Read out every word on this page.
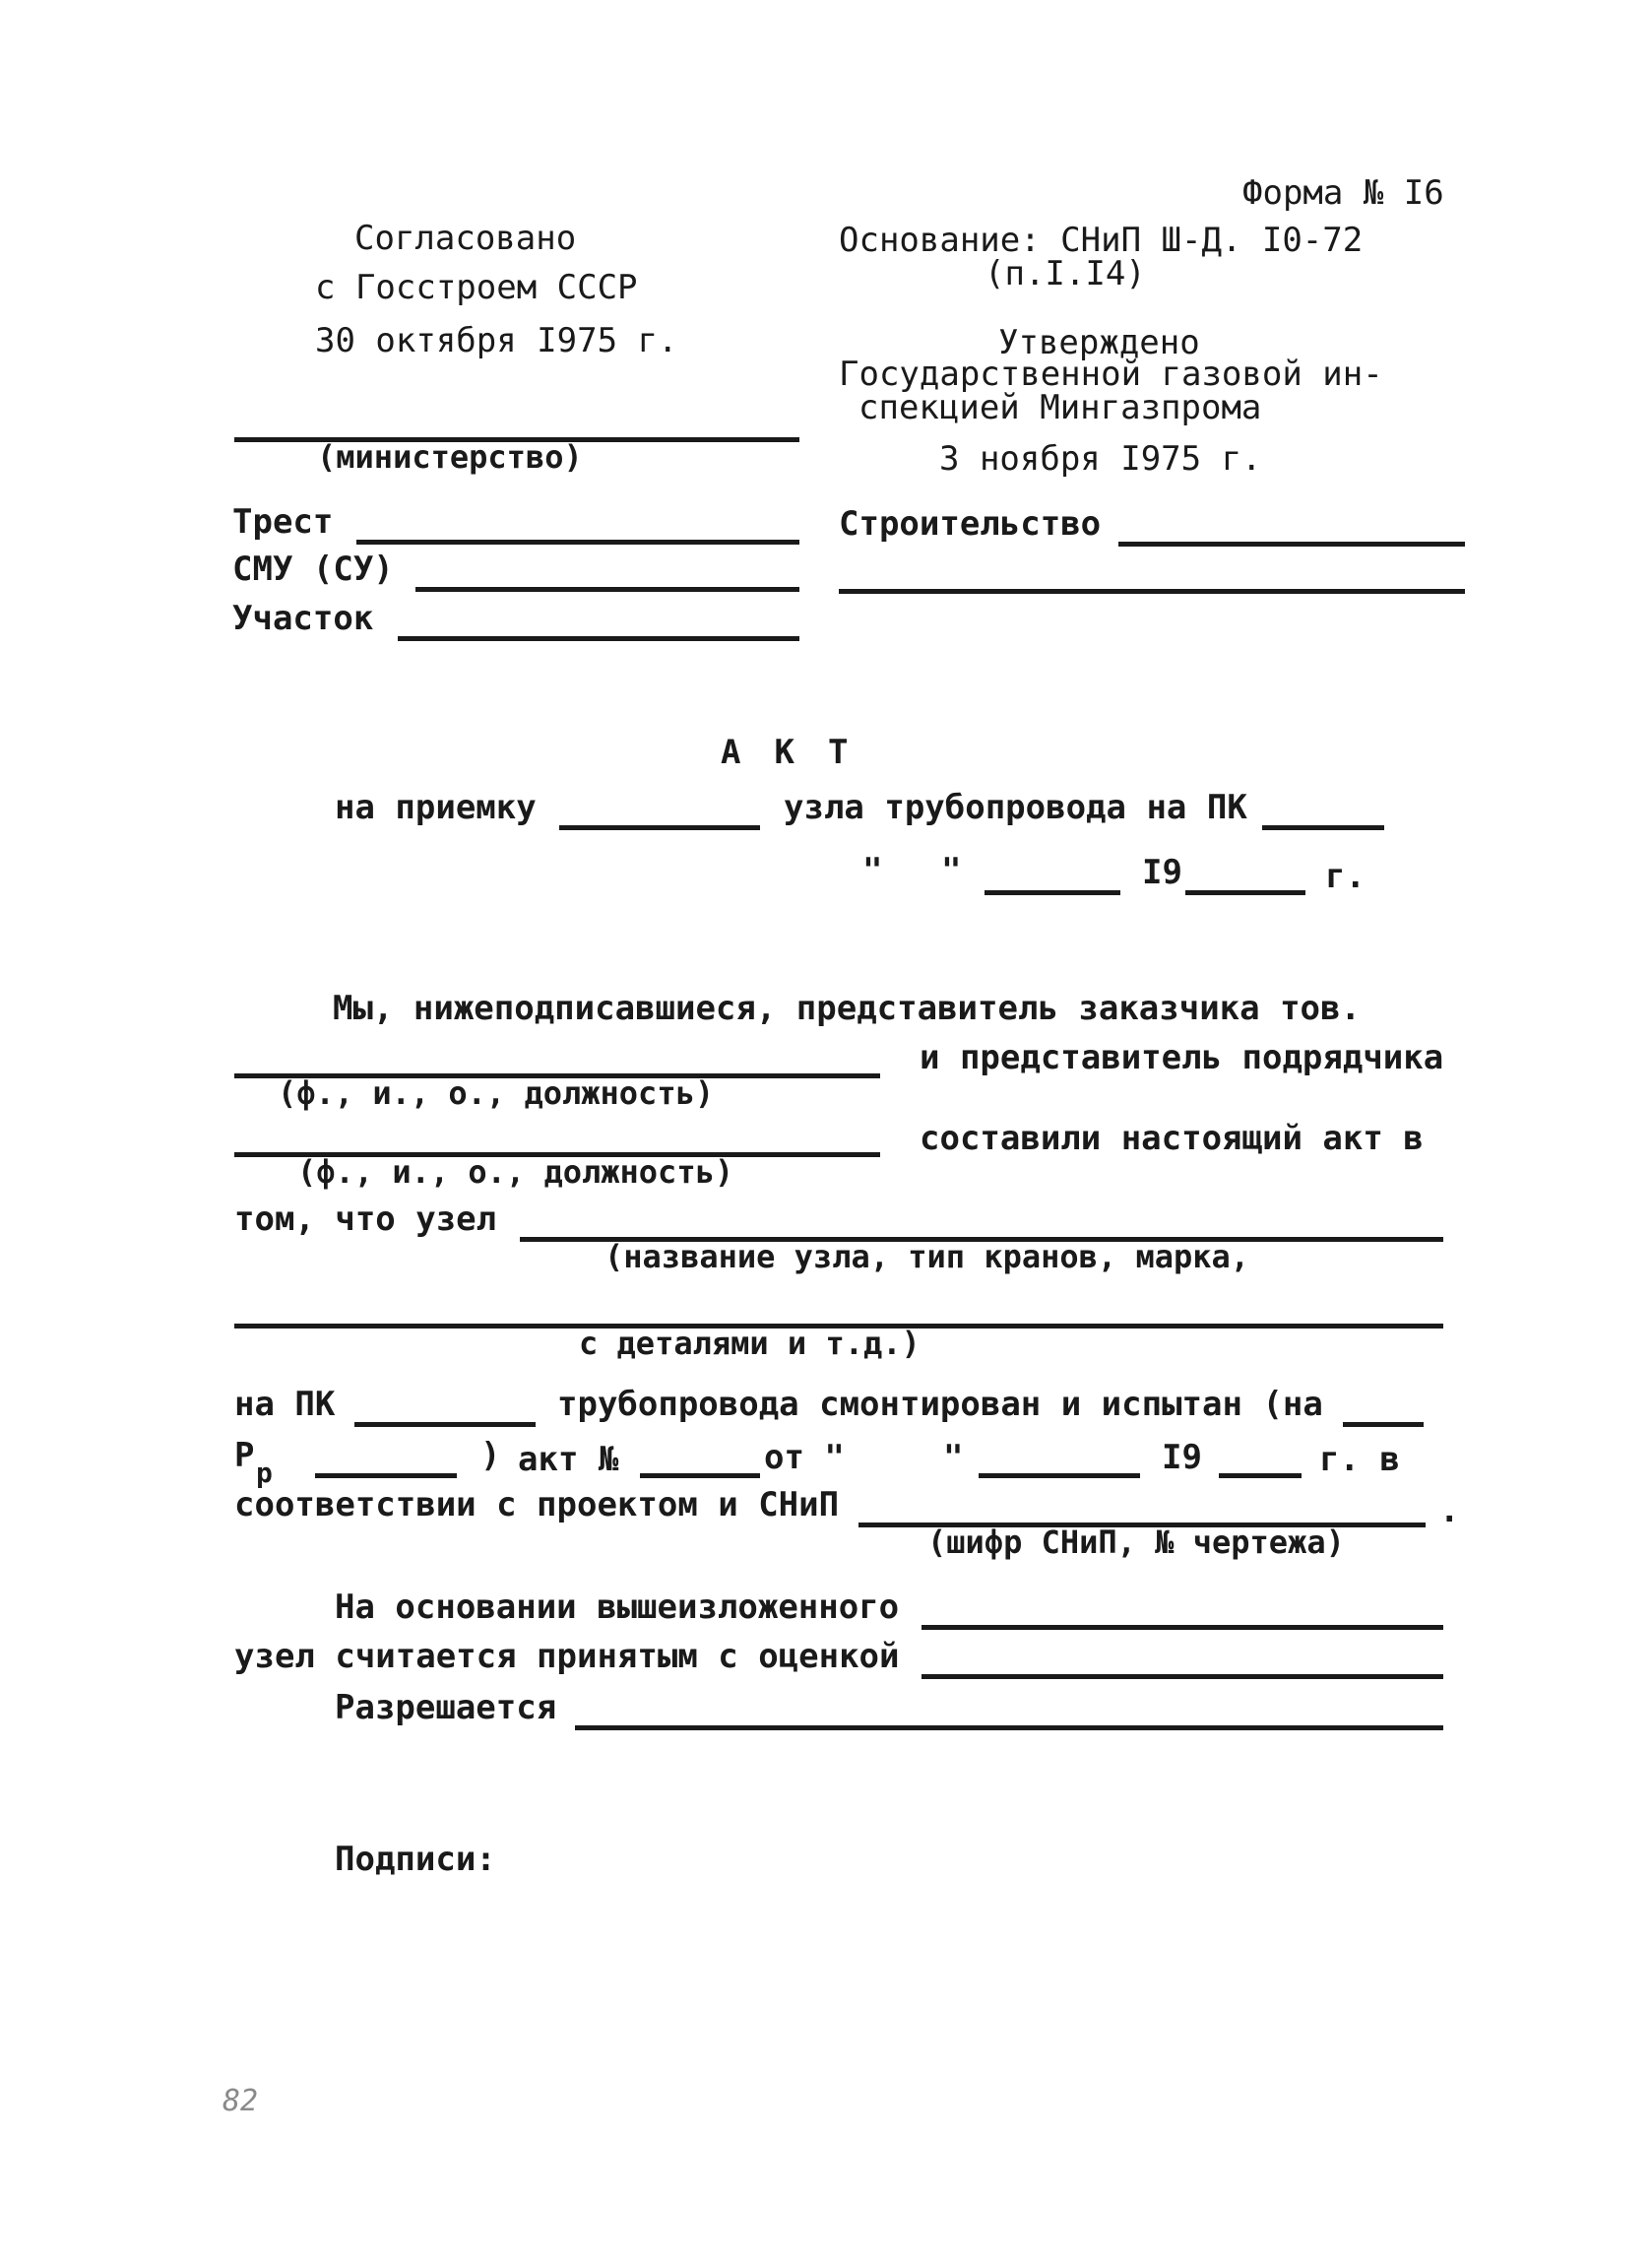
Форма № I6
Согласовано
с Госстроем СССР
30 октября I975 г.
Основание: СНиП Ш-Д. I0-72
(п.I.I4)
Утверждено
Государственной газовой ин-
спекцией Мингазпрома
3 ноября I975 г.
(министерство)
Трест
СМУ (СУ)
Участок
Строительство
АКТ
на приемку	узла трубопровода на ПК
" "	I9	г.
Мы, нижеподписавшиеся, представитель заказчика тов.
и представитель подрядчика
(ф., и., о., должность)
составили настоящий акт в
(ф., и., о., должность)
том, что узел
(название узла, тип кранов, марка,
с деталями и т.д.)
на ПК	трубопровода смонтирован и испытан (на
Р р	) акт №	от "	"	I9	г. в
соответствии с проектом и СНиП	.
(шифр СНиП, № чертежа)
На основании вышеизложенного
узел считается принятым с оценкой
Разрешается
Подписи:
82
